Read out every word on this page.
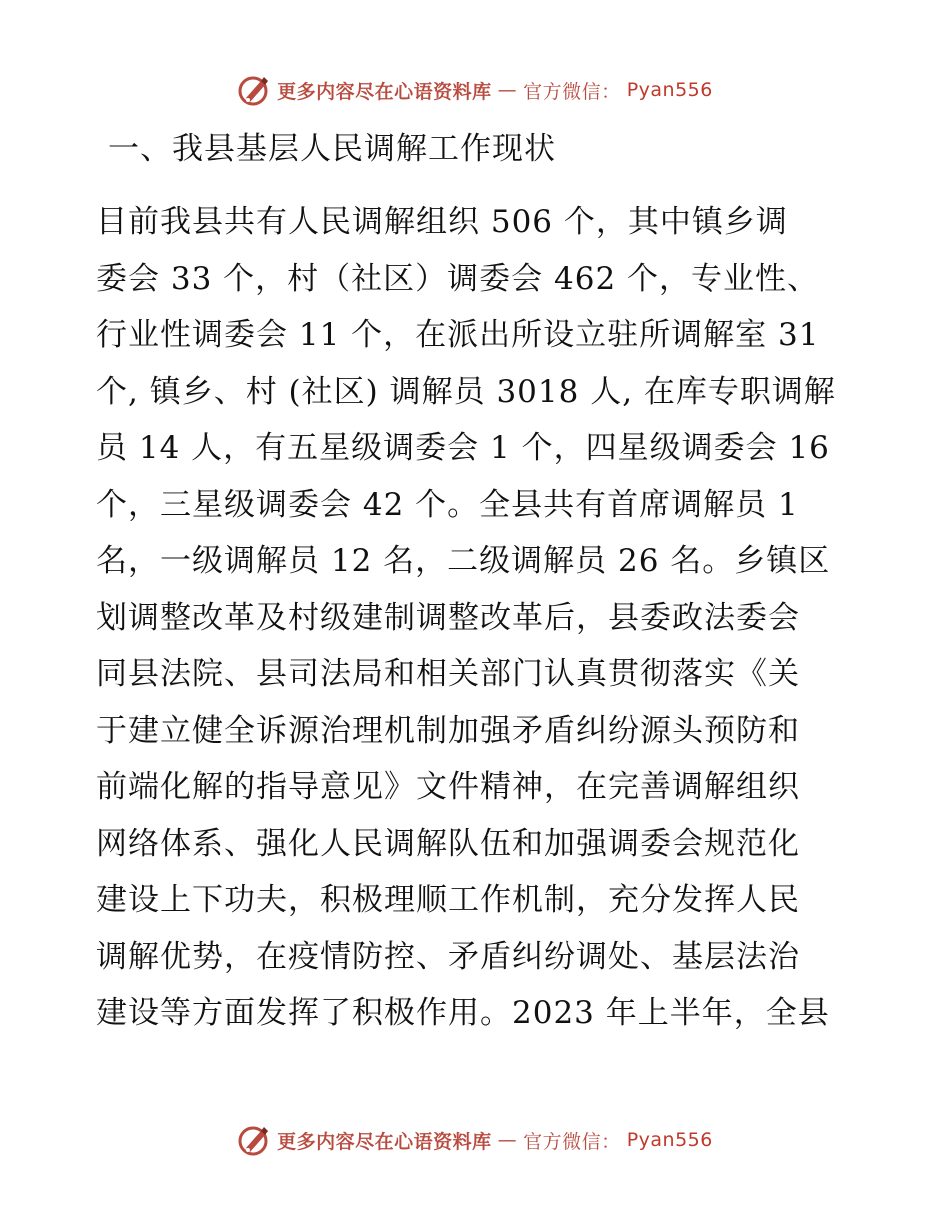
更多内容尽在心语资料库 — 官方微信： Pyan556
一、我县基层人民调解工作现状
目前我县共有人民调解组织 506 个，其中镇乡调
委会 33 个，村（社区）调委会 462 个，专业性、
行业性调委会 11 个，在派出所设立驻所调解室 31
个, 镇乡、村 (社区) 调解员 3018 人, 在库专职调解
员 14 人，有五星级调委会 1 个，四星级调委会 16
个，三星级调委会 42 个。全县共有首席调解员 1
名，一级调解员 12 名，二级调解员 26 名。乡镇区
划调整改革及村级建制调整改革后，县委政法委会
同县法院、县司法局和相关部门认真贯彻落实《关
于建立健全诉源治理机制加强矛盾纠纷源头预防和
前端化解的指导意见》文件精神，在完善调解组织
网络体系、强化人民调解队伍和加强调委会规范化
建设上下功夫，积极理顺工作机制，充分发挥人民
调解优势，在疫情防控、矛盾纠纷调处、基层法治
建设等方面发挥了积极作用。2023 年上半年，全县
更多内容尽在心语资料库 — 官方微信： Pyan556
